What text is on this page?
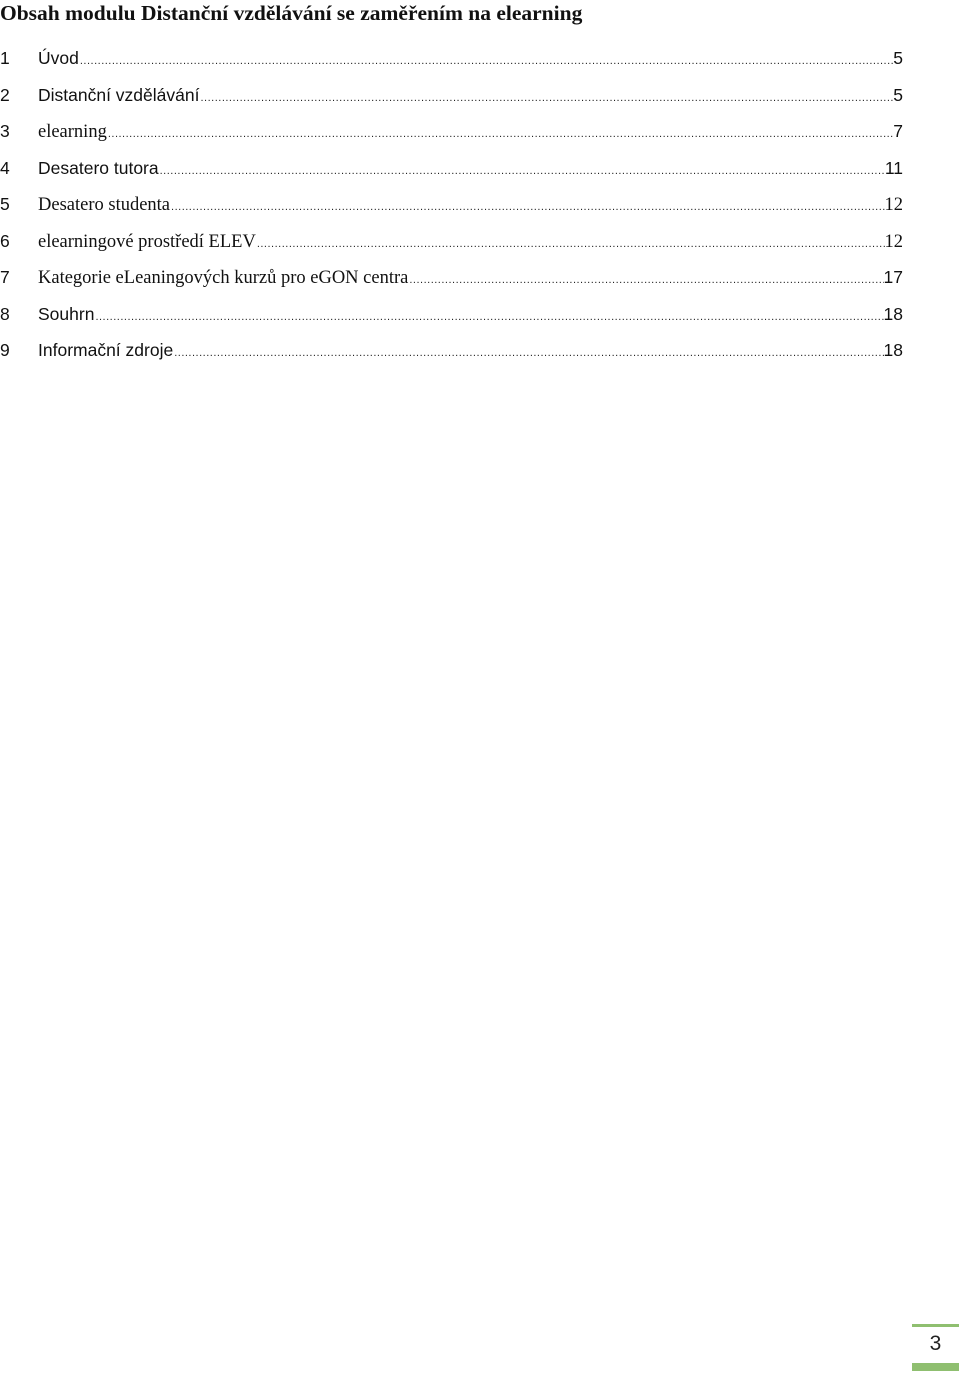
Obsah modulu Distanční vzdělávání se zaměřením na elearning
1	Úvod .....	5
2	Distanční vzdělávání .....	5
3	elearning .....	7
4	Desatero tutora .....	11
5	Desatero studenta .....	12
6	elearningové prostředí ELEV .....	12
7	Kategorie eLeaningových kurzů pro eGON centra .....	17
8	Souhrn .....	18
9	Informační zdroje .....	18
3
